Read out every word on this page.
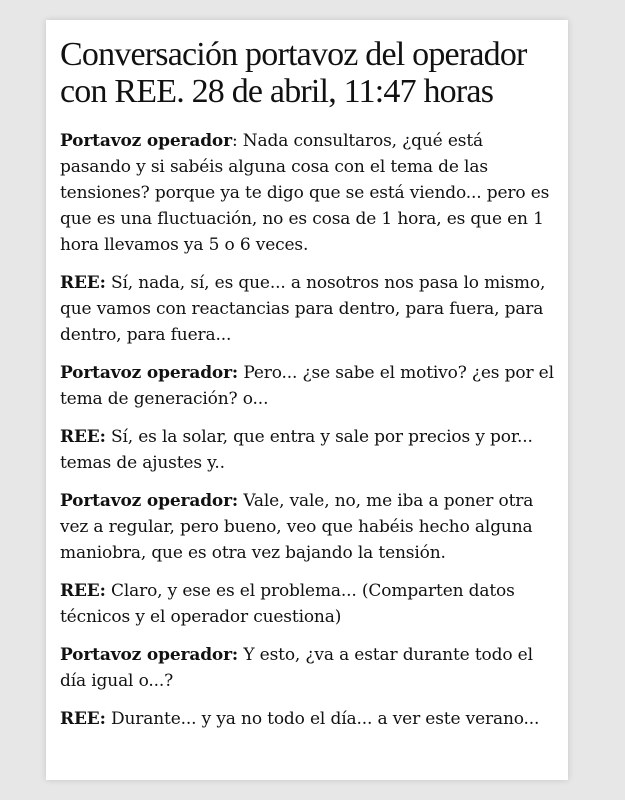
Conversación portavoz del operador con REE. 28 de abril, 11:47 horas

Portavoz operador: Nada consultaros, ¿qué está pasando y si sabéis alguna cosa con el tema de las tensiones? porque ya te digo que se está viendo... pero es que es una fluctuación, no es cosa de 1 hora, es que en 1 hora llevamos ya 5 o 6 veces.

REE: Sí, nada, sí, es que... a nosotros nos pasa lo mismo, que vamos con reactancias para dentro, para fuera, para dentro, para fuera...

Portavoz operador: Pero... ¿se sabe el motivo? ¿es por el tema de generación? o...

REE: Sí, es la solar, que entra y sale por precios y por... temas de ajustes y..

Portavoz operador: Vale, vale, no, me iba a poner otra vez a regular, pero bueno, veo que habéis hecho alguna maniobra, que es otra vez bajando la tensión.

REE: Claro, y ese es el problema... (Comparten datos técnicos y el operador cuestiona)

Portavoz operador: Y esto, ¿va a estar durante todo el día igual o...?

REE: Durante... y ya no todo el día... a ver este verano...
